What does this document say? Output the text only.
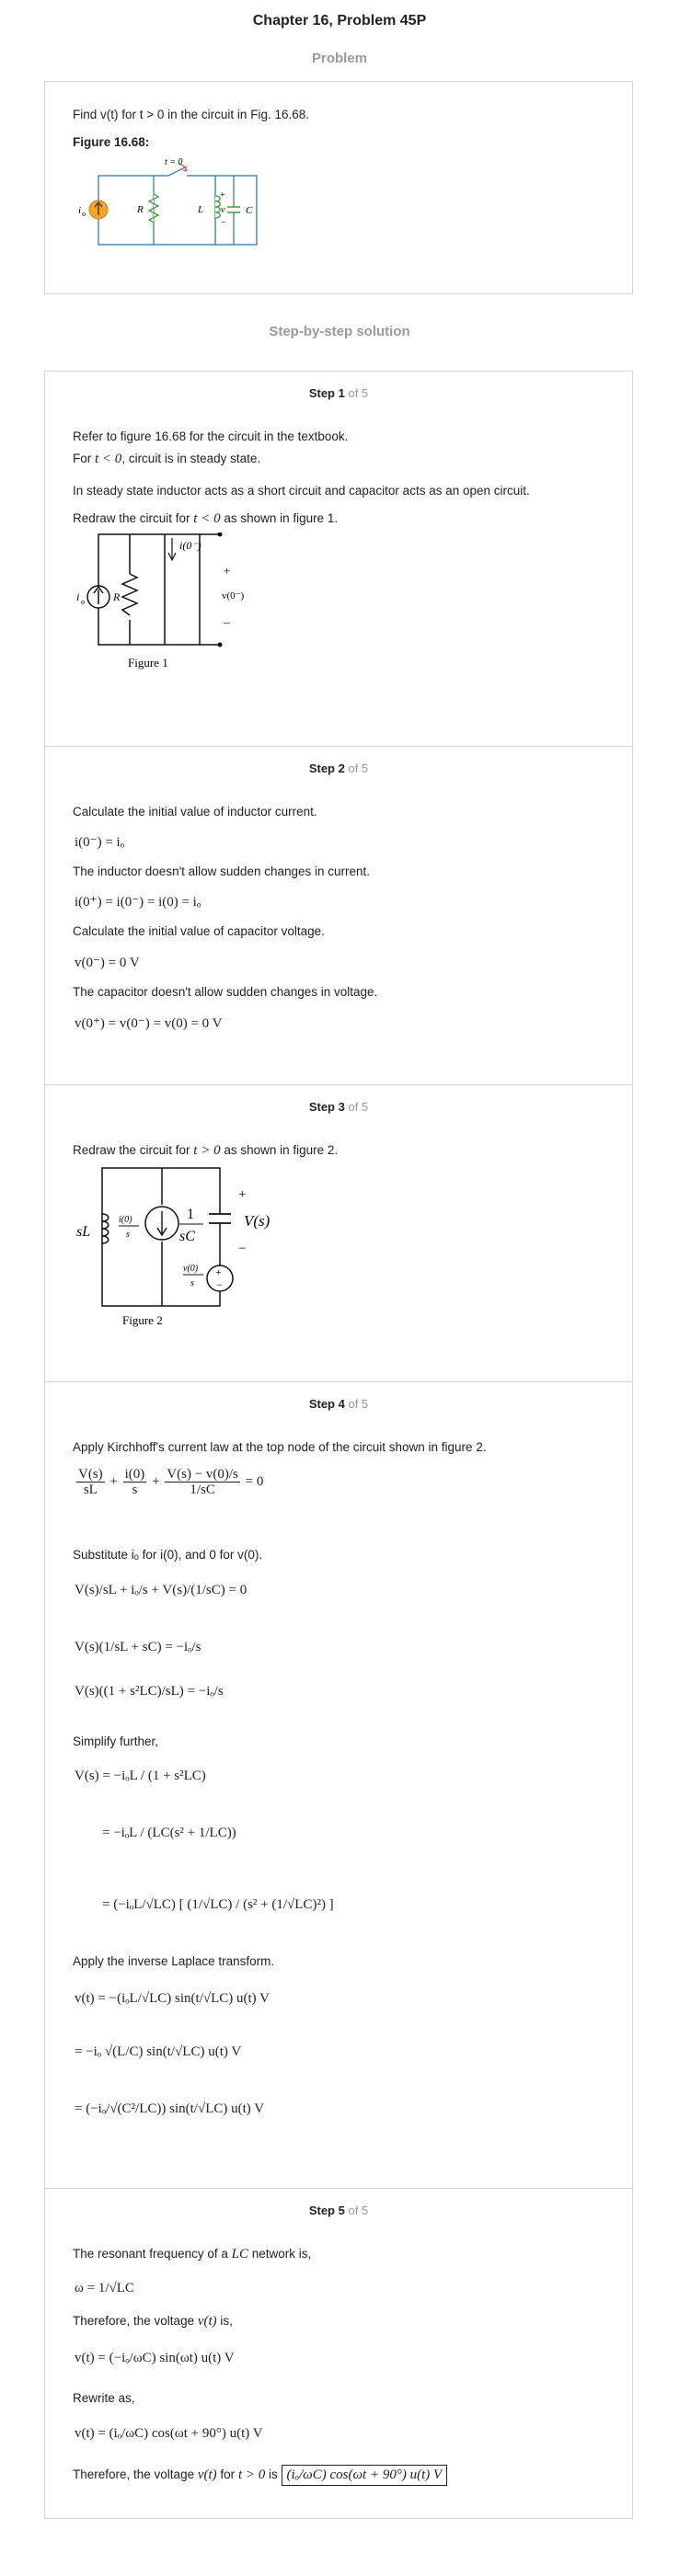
Chapter 16, Problem 45P
Problem
Find v(t) for t > 0 in the circuit in Fig. 16.68.
Figure 16.68:
t = 0
i o	R	L
+
v
−
C
Step-by-step solution
Step 1 of 5
Refer to figure 16.68 for the circuit in the textbook.
For t < 0, circuit is in steady state.
In steady state inductor acts as a short circuit and capacitor acts as an open circuit.
Redraw the circuit for t < 0 as shown in figure 1.
i(0⁻)
i o	R
+
v(0⁻)
–
Figure 1
Step 2 of 5
Calculate the initial value of inductor current.
i(0⁻) = iₒ
The inductor doesn't allow sudden changes in current.
i(0⁺) = i(0⁻) = i(0) = iₒ
Calculate the initial value of capacitor voltage.
v(0⁻) = 0 V
The capacitor doesn't allow sudden changes in voltage.
v(0⁺) = v(0⁻) = v(0) = 0 V
Step 3 of 5
Redraw the circuit for t > 0 as shown in figure 2.
+
−
sL
i(0)
s
1
sC
+
V(s)
−
v(0)
s
Figure 2
Step 4 of 5
Apply Kirchhoff's current law at the top node of the circuit shown in figure 2.
$\frac{V(s)}{sL} + \frac{i(0)}{s} + \frac{V(s) - v(0)/s}{1/sC} = 0$
Substitute iₒ for i(0), and 0 for v(0).
V(s)/sL + iₒ/s + V(s)/(1/sC) = 0
V(s)(1/sL + sC) = −iₒ/s
V(s)((1 + s²LC)/sL) = −iₒ/s
Simplify further,
V(s) = −iₒL / (1 + s²LC)
= −iₒL / (LC(s² + 1/LC))
= (−iₒL/√LC) [ (1/√LC) / (s² + (1/√LC)²) ]
Apply the inverse Laplace transform.
v(t) = −(iₒL/√LC) sin(t/√LC) u(t) V
= −iₒ √(L/C) sin(t/√LC) u(t) V
= (−iₒ/√(C²/LC)) sin(t/√LC) u(t) V
Step 5 of 5
The resonant frequency of a LC network is,
ω = 1/√LC
Therefore, the voltage v(t) is,
v(t) = (−iₒ/ωC) sin(ωt) u(t) V
Rewrite as,
v(t) = (iₒ/ωC) cos(ωt + 90°) u(t) V
Therefore, the voltage v(t) for t > 0 is (iₒ/ωC) cos(ωt + 90°) u(t) V
